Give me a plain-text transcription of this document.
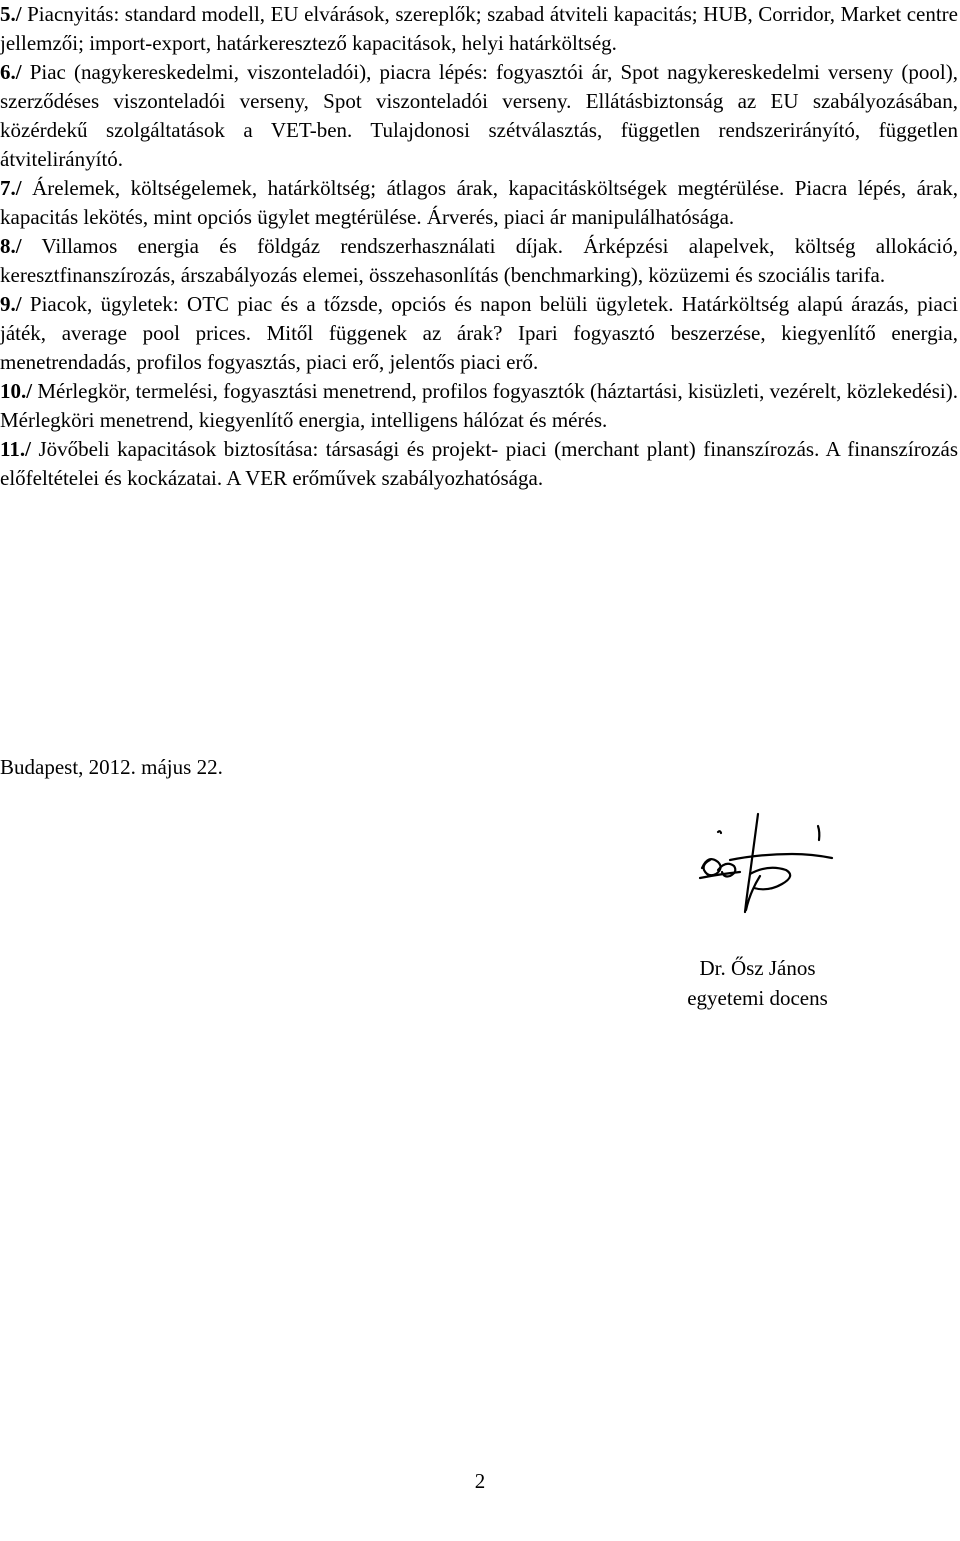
5./ Piacnyitás: standard modell, EU elvárások, szereplők; szabad átviteli kapacitás; HUB, Corridor, Market centre jellemzői; import-export, határkeresztező kapacitások, helyi határköltség.

6./ Piac (nagykereskedelmi, viszonteladói), piacra lépés: fogyasztói ár, Spot nagykereskedelmi verseny (pool), szerződéses viszonteladói verseny, Spot viszonteladói verseny. Ellátásbiztonság az EU szabályozásában, közérdekű szolgáltatások a VET-ben. Tulajdonosi szétválasztás, független rendszerirányító, független átvitelirányító.

7./ Árelemek, költségelemek, határköltség; átlagos árak, kapacitásköltségek megtérülése. Piacra lépés, árak, kapacitás lekötés, mint opciós ügylet megtérülése. Árverés, piaci ár manipulálhatósága.

8./ Villamos energia és földgáz rendszerhasználati díjak. Árképzési alapelvek, költség allokáció, keresztfinanszírozás, árszabályozás elemei, összehasonlítás (benchmarking), közüzemi és szociális tarifa.

9./ Piacok, ügyletek: OTC piac és a tőzsde, opciós és napon belüli ügyletek. Határköltség alapú árazás, piaci játék, average pool prices. Mitől függenek az árak? Ipari fogyasztó beszerzése, kiegyenlítő energia, menetrendadás, profilos fogyasztás, piaci erő, jelentős piaci erő.

10./ Mérlegkör, termelési, fogyasztási menetrend, profilos fogyasztók (háztartási, kisüzleti, vezérelt, közlekedési). Mérlegköri menetrend, kiegyenlítő energia, intelligens hálózat és mérés.

11./ Jövőbeli kapacitások biztosítása: társasági és projekt- piaci (merchant plant) finanszírozás. A finanszírozás előfeltételei és kockázatai. A VER erőművek szabályozhatósága.

Budapest, 2012. május 22.

Dr. Ősz János
egyetemi docens
2
